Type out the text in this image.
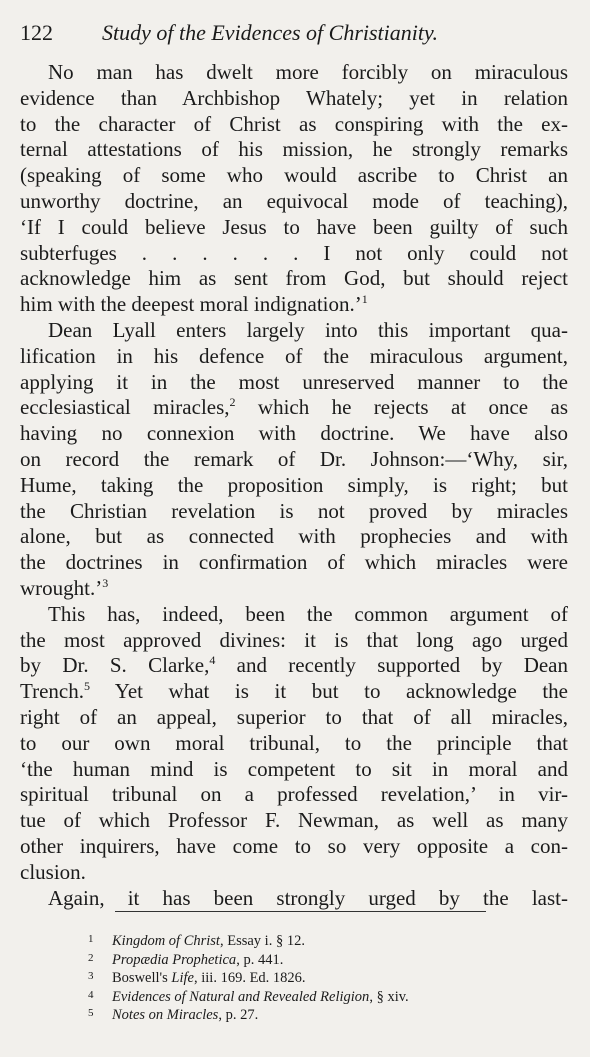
122 Study of the Evidences of Christianity.
No man has dwelt more forcibly on miraculous
evidence than Archbishop Whately; yet in relation
to the character of Christ as conspiring with the ex-
ternal attestations of his mission, he strongly remarks
(speaking of some who would ascribe to Christ an
unworthy doctrine, an equivocal mode of teaching),
‘If I could believe Jesus to have been guilty of such
subterfuges . . . . . . I not only could not
acknowledge him as sent from God, but should reject
him with the deepest moral indignation.’$^1$
Dean Lyall enters largely into this important qua-
lification in his defence of the miraculous argument,
applying it in the most unreserved manner to the
ecclesiastical miracles,$^2$ which he rejects at once as
having no connexion with doctrine. We have also
on record the remark of Dr. Johnson:—‘Why, sir,
Hume, taking the proposition simply, is right; but
the Christian revelation is not proved by miracles
alone, but as connected with prophecies and with
the doctrines in confirmation of which miracles were
wrought.’$^3$
This has, indeed, been the common argument of
the most approved divines: it is that long ago urged
by Dr. S. Clarke,$^4$ and recently supported by Dean
Trench.$^5$ Yet what is it but to acknowledge the
right of an appeal, superior to that of all miracles,
to our own moral tribunal, to the principle that
‘the human mind is competent to sit in moral and
spiritual tribunal on a professed revelation,’ in vir-
tue of which Professor F. Newman, as well as many
other inquirers, have come to so very opposite a con-
clusion.
Again, it has been strongly urged by the last-
1 Kingdom of Christ, Essay i. § 12.
2 Propædia Prophetica, p. 441.
3 Boswell's Life, iii. 169. Ed. 1826.
4 Evidences of Natural and Revealed Religion, § xiv.
5 Notes on Miracles, p. 27.
